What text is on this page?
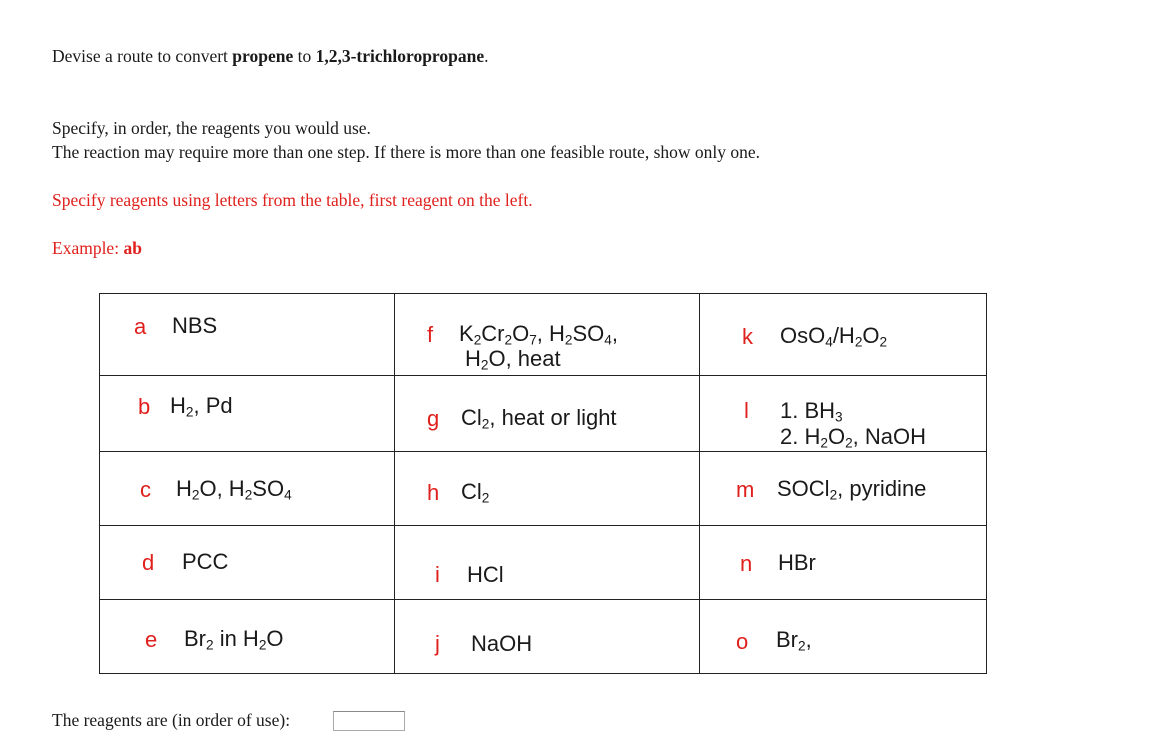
Devise a route to convert propene to 1,2,3-trichloropropane.

Specify, in order, the reagents you would use.

The reaction may require more than one step. If there is more than one feasible route, show only one.

Specify reagents using letters from the table, first reagent on the left.

Example: ab

a NBS	f $K_2Cr_2O_7$, $H_2SO_4$,
$H_2O$, heat	k $OsO_4/H_2O_2$

b $H_2$, Pd	g $Cl_2$, heat or light	l 1. $BH_3$
2. $H_2O_2$, NaOH

c $H_2O$, $H_2SO_4$	h $Cl_2$	m SOCl$_2$, pyridine

d PCC	i HCl	n HBr

e $Br_2$ in $H_2O$	j NaOH	o $Br_2$,
The reagents are (in order of use):
